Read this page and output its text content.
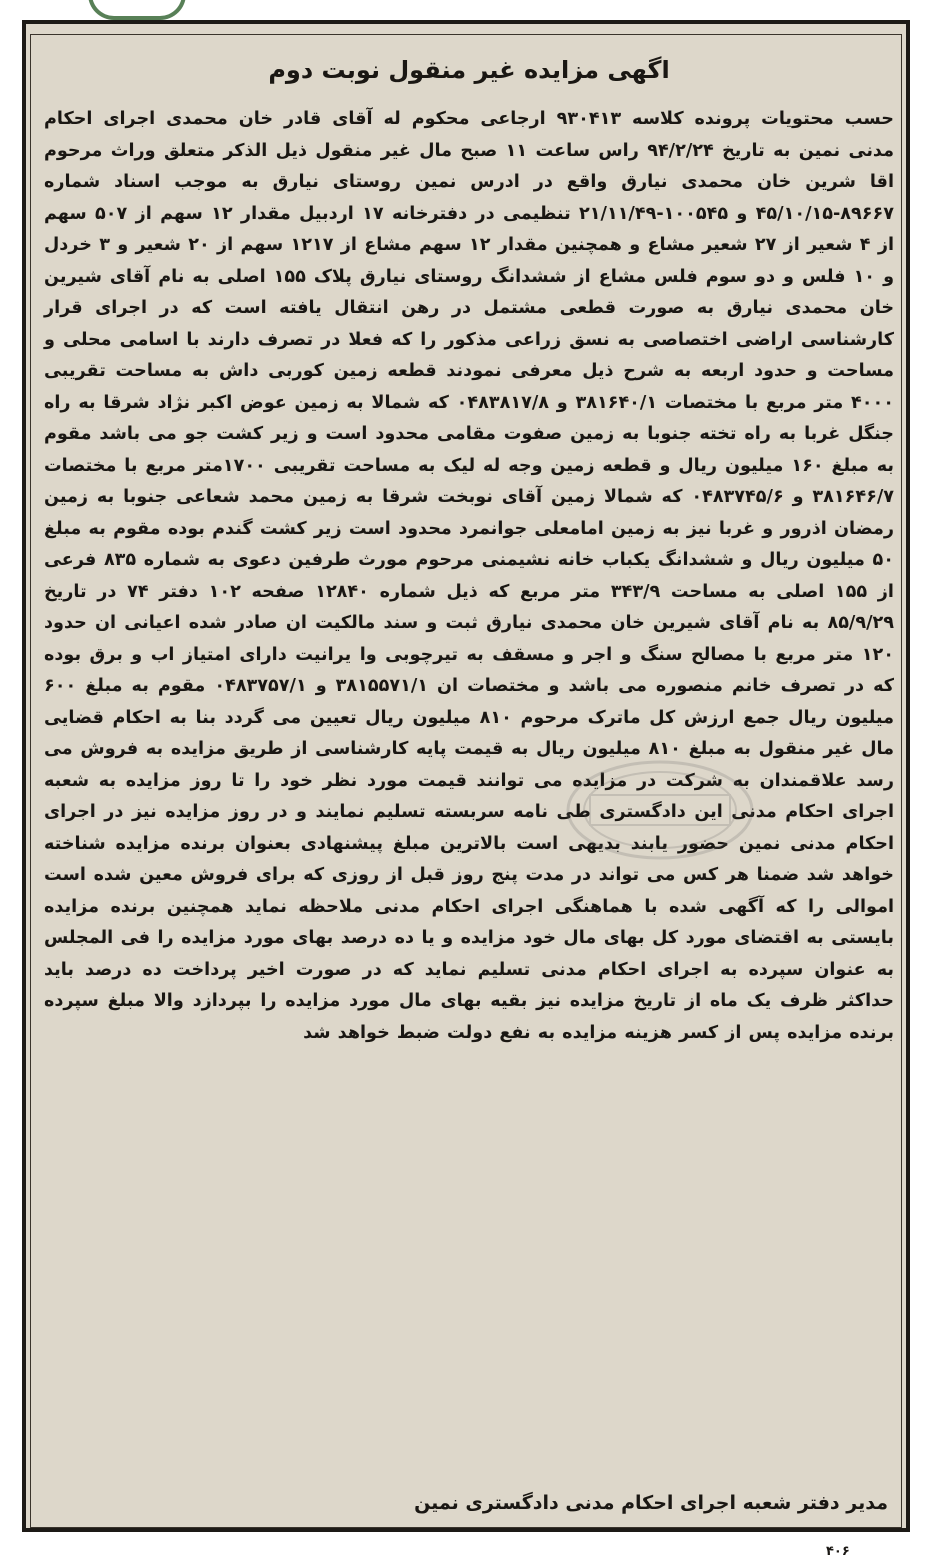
اگهی مزایده غیر منقول نوبت دوم

حسب محتویات پرونده کلاسه ۹۳۰۴۱۳ ارجاعی محکوم له آقای قادر خان محمدی اجرای احکام مدنی نمین به تاریخ ۹۴/۲/۲۴ راس ساعت ۱۱ صبح مال غیر منقول ذیل الذکر متعلق وراث مرحوم اقا شرین خان محمدی نیارق واقع در ادرس نمین روستای نیارق به موجب اسناد شماره ۸۹۶۶۷-۴۵/۱۰/۱۵ و ۱۰۰۵۴۵-۲۱/۱۱/۴۹ تنظیمی در دفترخانه ۱۷ اردبیل مقدار ۱۲ سهم از ۵۰۷ سهم از ۴ شعیر از ۲۷ شعیر مشاع و همچنین مقدار ۱۲ سهم مشاع از ۱۲۱۷ سهم از ۲۰ شعیر و ۳ خردل و ۱۰ فلس و دو سوم فلس مشاع از ششدانگ روستای نیارق پلاک ۱۵۵ اصلی به نام آقای شیرین خان محمدی نیارق به صورت قطعی مشتمل در رهن انتقال یافته است که در اجرای قرار کارشناسی اراضی اختصاصی به نسق زراعی مذکور را که فعلا در تصرف دارند با اسامی محلی و مساحت و حدود اربعه به شرح ذیل معرفی نمودند قطعه زمین کوربی داش به مساحت تقریبی ۴۰۰۰ متر مربع با مختصات ۳۸۱۶۴۰/۱ و ۰۴۸۳۸۱۷/۸ که شمالا به زمین عوض اکبر نژاد شرقا به راه جنگل غربا به راه تخته جنوبا به زمین صفوت مقامی محدود است و زیر کشت جو می باشد مقوم به مبلغ ۱۶۰ میلیون ریال و قطعه زمین وجه له لیک به مساحت تقریبی ۱۷۰۰متر مربع با مختصات ۳۸۱۶۴۶/۷ و ۰۴۸۳۷۴۵/۶ که شمالا زمین آقای نوبخت شرقا به زمین محمد شعاعی جنوبا به زمین رمضان اذرور و غربا نیز به زمین امامعلی جوانمرد محدود است زیر کشت گندم بوده مقوم به مبلغ ۵۰ میلیون ریال و ششدانگ یکباب خانه نشیمنی مرحوم مورث طرفین دعوی به شماره ۸۳۵ فرعی از ۱۵۵ اصلی به مساحت ۳۴۳/۹ متر مربع که ذیل شماره ۱۲۸۴۰ صفحه ۱۰۲ دفتر ۷۴ در تاریخ ۸۵/۹/۲۹ به نام آقای شیرین خان محمدی نیارق ثبت و سند مالکیت ان صادر شده اعیانی ان حدود ۱۲۰ متر مربع با مصالح سنگ و اجر و مسقف به تیرچوبی وا یرانیت دارای امتیاز اب و برق بوده که در تصرف خانم منصوره می باشد و مختصات ان ۳۸۱۵۵۷۱/۱ و ۰۴۸۳۷۵۷/۱ مقوم به مبلغ ۶۰۰ میلیون ریال جمع ارزش کل ماترک مرحوم ۸۱۰ میلیون ریال تعیین می گردد بنا به احکام قضایی مال غیر منقول به مبلغ ۸۱۰ میلیون ریال به قیمت پایه کارشناسی از طریق مزایده به فروش می رسد علاقمندان به شرکت در مزایده می توانند قیمت مورد نظر خود را تا روز مزایده به شعبه اجرای احکام مدنی این دادگستری طی نامه سربسته تسلیم نمایند و در روز مزایده نیز در اجرای احکام مدنی نمین حضور یابند بدیهی است بالاترین مبلغ پیشنهادی بعنوان برنده مزایده شناخته خواهد شد ضمنا هر کس می تواند در مدت پنج روز قبل از روزی که برای فروش معین شده است اموالی را که آگهی شده با هماهنگی اجرای احکام مدنی ملاحظه نماید همچنین برنده مزایده بایستی به اقتضای مورد کل بهای مال خود مزایده و یا ده درصد بهای مورد مزایده را فی المجلس به عنوان سپرده به اجرای احکام مدنی تسلیم نماید که در صورت اخیر پرداخت ده درصد باید حداکثر ظرف یک ماه از تاریخ مزایده نیز بقیه بهای مال مورد مزایده را بپردازد والا مبلغ سپرده برنده مزایده پس از کسر هزینه مزایده به نفع دولت ضبط خواهد شد

مدیر دفتر شعبه اجرای احکام مدنی دادگستری نمین

۴۰۶
